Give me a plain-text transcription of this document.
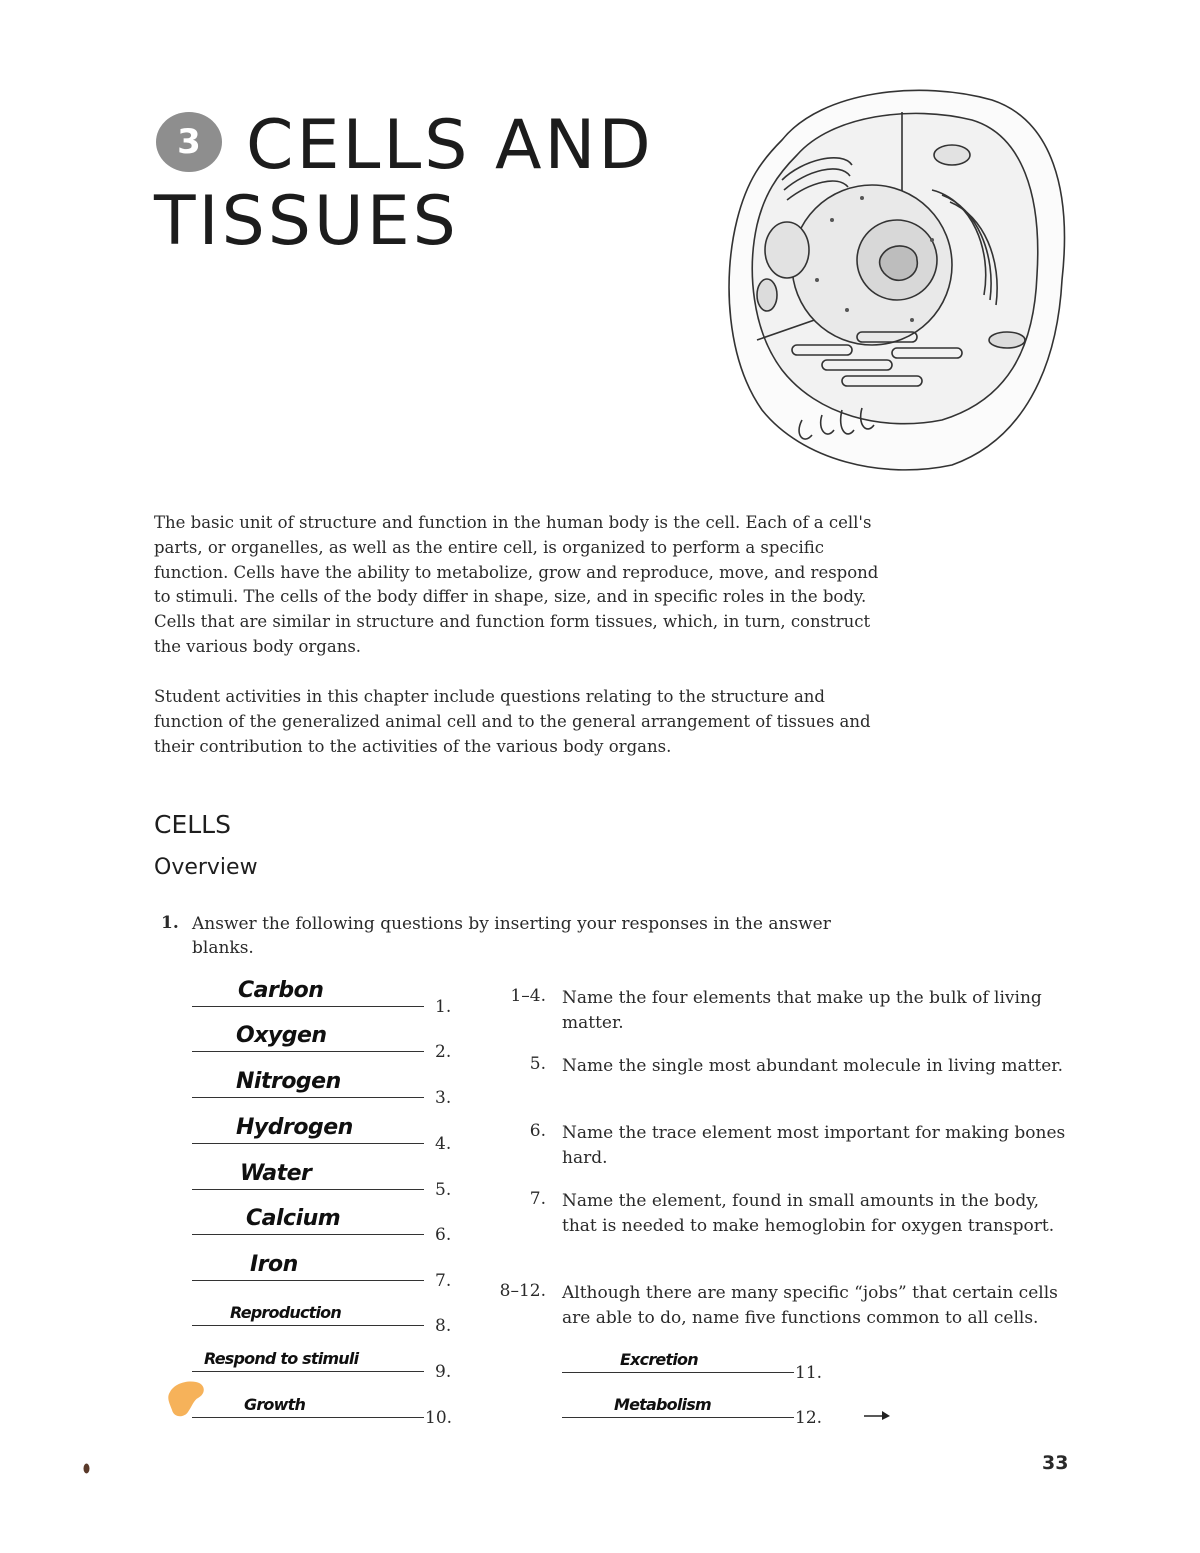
3 CELLS AND
TISSUES

The basic unit of structure and function in the human body is the cell. Each of a cell's parts, or organelles, as well as the entire cell, is organized to perform a specific function. Cells have the ability to metabolize, grow and reproduce, move, and respond to stimuli. The cells of the body differ in shape, size, and in specific roles in the body. Cells that are similar in structure and function form tissues, which, in turn, construct the various body organs.

Student activities in this chapter include questions relating to the structure and function of the generalized animal cell and to the general arrangement of tissues and their contribution to the activities of the various body organs.

CELLS
Overview
1. Answer the following questions by inserting your responses in the answer blanks.
Carbon
1.
Oxygen
2.
Nitrogen
3.
Hydrogen
4.
Water
5.
Calcium
6.
Iron
7.
Reproduction
8.
Respond to stimuli
9.
Growth
10.
1–4. Name the four elements that make up the bulk of living matter.
5. Name the single most abundant molecule in living matter.
6. Name the trace element most important for making bones hard.
7. Name the element, found in small amounts in the body, that is needed to make hemoglobin for oxygen transport.
8–12. Although there are many specific “jobs” that certain cells are able to do, name five functions common to all cells.
Excretion
11.
Metabolism
12.
33
